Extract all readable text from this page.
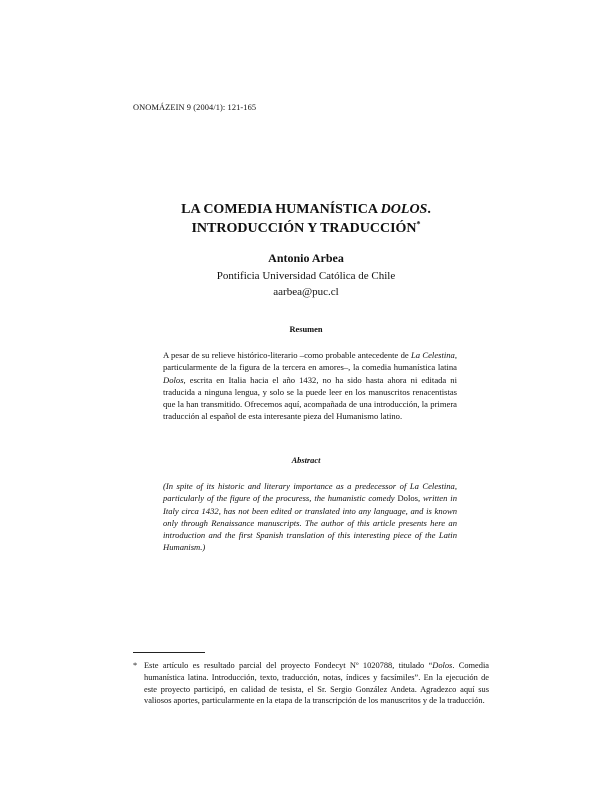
ONOMÁZEIN 9 (2004/1): 121-165
LA COMEDIA HUMANÍSTICA DOLOS.
INTRODUCCIÓN Y TRADUCCIÓN*
Antonio Arbea
Pontificia Universidad Católica de Chile
aarbea@puc.cl
Resumen

A pesar de su relieve histórico-literario –como probable antecedente de La Celestina, particularmente de la figura de la tercera en amores–, la comedia humanística latina Dolos, escrita en Italia hacia el año 1432, no ha sido hasta ahora ni editada ni traducida a ninguna lengua, y solo se la puede leer en los manuscritos renacentistas que la han transmitido. Ofrecemos aquí, acompañada de una introducción, la primera traducción al español de esta interesante pieza del Humanismo latino.

Abstract

(In spite of its historic and literary importance as a predecessor of La Celestina, particularly of the figure of the procuress, the humanistic comedy Dolos, written in Italy circa 1432, has not been edited or translated into any language, and is known only through Renaissance manuscripts. The author of this article presents here an introduction and the first Spanish translation of this interesting piece of the Latin Humanism.)

* Este artículo es resultado parcial del proyecto Fondecyt Nº 1020788, titulado “Dolos. Comedia humanística latina. Introducción, texto, traducción, notas, índices y facsímiles”. En la ejecución de este proyecto participó, en calidad de tesista, el Sr. Sergio González Andeta. Agradezco aquí sus valiosos aportes, particularmente en la etapa de la transcripción de los manuscritos y de la traducción.
